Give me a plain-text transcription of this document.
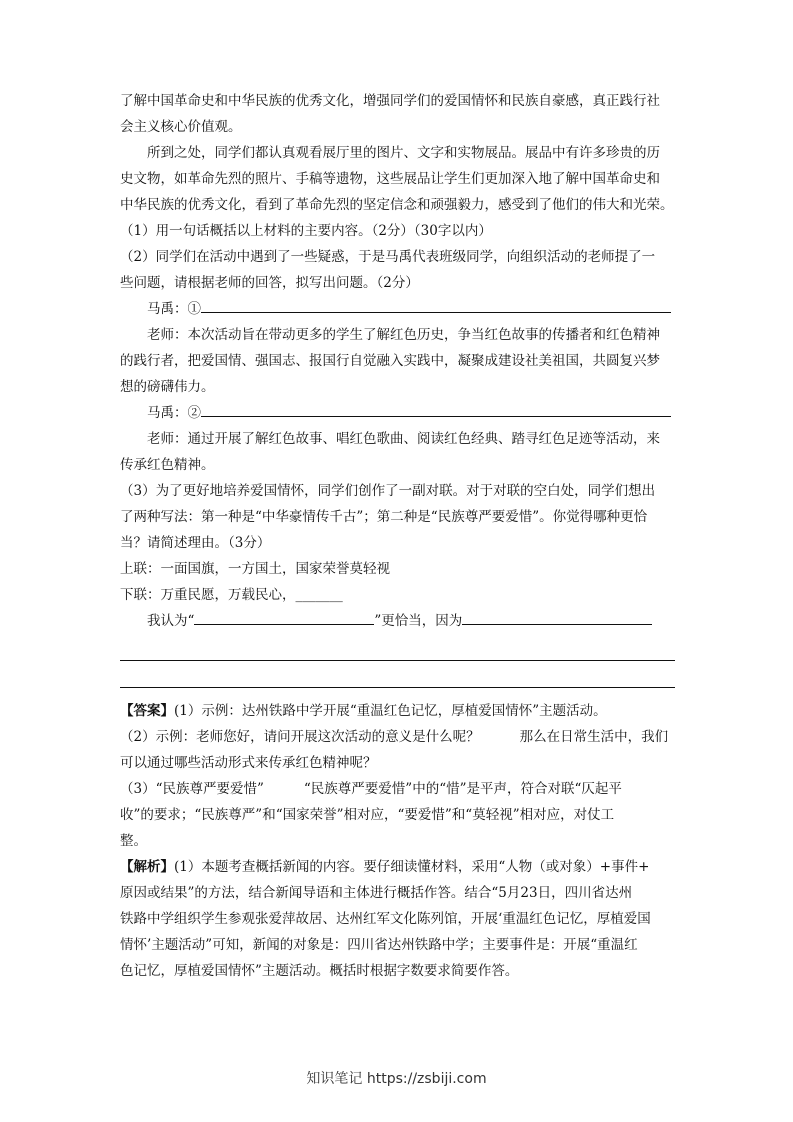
了解中国革命史和中华民族的优秀文化，增强同学们的爱国情怀和民族自豪感，真正践行社
会主义核心价值观。
所到之处，同学们都认真观看展厅里的图片、文字和实物展品。展品中有许多珍贵的历
史文物，如革命先烈的照片、手稿等遗物，这些展品让学生们更加深入地了解中国革命史和
中华民族的优秀文化，看到了革命先烈的坚定信念和顽强毅力，感受到了他们的伟大和光荣。
（1）用一句话概括以上材料的主要内容。（2分）（30字以内）
（2）同学们在活动中遇到了一些疑惑，于是马禹代表班级同学，向组织活动的老师提了一
些问题，请根据老师的回答，拟写出问题。（2分）
马禹：①
老师：本次活动旨在带动更多的学生了解红色历史，争当红色故事的传播者和红色精神
的践行者，把爱国情、强国志、报国行自觉融入实践中，凝聚成建设社美祖国，共圆复兴梦
想的磅礴伟力。
马禹：②
老师：通过开展了解红色故事、唱红色歌曲、阅读红色经典、踏寻红色足迹等活动，来
传承红色精神。
（3）为了更好地培养爱国情怀，同学们创作了一副对联。对于对联的空白处，同学们想出
了两种写法：第一种是“中华豪情传千古”；第二种是“民族尊严要爱惜”。你觉得哪种更恰
当？请简述理由。（3分）
上联：一面国旗，一方国土，国家荣誉莫轻视
下联：万重民愿，万载民心，_______
我认为“	”更恰当，因为
【答案】(1）示例：达州铁路中学开展“重温红色记忆，厚植爱国情怀”主题活动。
（2）示例：老师您好，请问开展这次活动的意义是什么呢？	那么在日常生活中，我们
可以通过哪些活动形式来传承红色精神呢？
（3）“民族尊严要爱惜”	“民族尊严要爱惜”中的“惜”是平声，符合对联“仄起平
收”的要求；“民族尊严”和“国家荣誉”相对应，“要爱惜”和“莫轻视”相对应，对仗工
整。
【解析】(1）本题考查概括新闻的内容。要仔细读懂材料，采用“人物（或对象）+事件+
原因或结果”的方法，结合新闻导语和主体进行概括作答。结合“5月23日，四川省达州
铁路中学组织学生参观张爱萍故居、达州红军文化陈列馆，开展‘重温红色记忆，厚植爱国
情怀’主题活动”可知，新闻的对象是：四川省达州铁路中学；主要事件是：开展“重温红
色记忆，厚植爱国情怀”主题活动。概括时根据字数要求简要作答。
知识笔记 https://zsbiji.com
